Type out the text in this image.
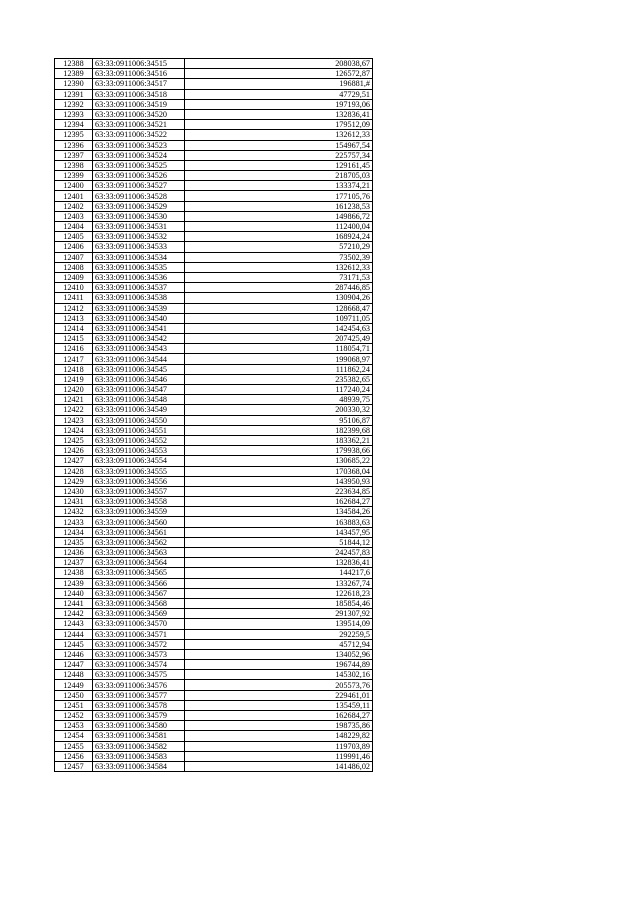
12388	63:33:0911006:34515	208038,67
12389	63:33:0911006:34516	126572,87
12390	63:33:0911006:34517	196881,#
12391	63:33:0911006:34518	47729,51
12392	63:33:0911006:34519	197193,06
12393	63:33:0911006:34520	132836,41
12394	63:33:0911006:34521	179512,09
12395	63:33:0911006:34522	132612,33
12396	63:33:0911006:34523	154967,54
12397	63:33:0911006:34524	225757,34
12398	63:33:0911006:34525	129161,45
12399	63:33:0911006:34526	218705,03
12400	63:33:0911006:34527	133374,21
12401	63:33:0911006:34528	177105,76
12402	63:33:0911006:34529	161238,53
12403	63:33:0911006:34530	149866,72
12404	63:33:0911006:34531	112400,04
12405	63:33:0911006:34532	168924,24
12406	63:33:0911006:34533	57210,29
12407	63:33:0911006:34534	73502,39
12408	63:33:0911006:34535	132612,33
12409	63:33:0911006:34536	73171,53
12410	63:33:0911006:34537	287446,85
12411	63:33:0911006:34538	130904,26
12412	63:33:0911006:34539	128668,47
12413	63:33:0911006:34540	109711,05
12414	63:33:0911006:34541	142454,63
12415	63:33:0911006:34542	207425,49
12416	63:33:0911006:34543	118054,71
12417	63:33:0911006:34544	199068,97
12418	63:33:0911006:34545	111862,24
12419	63:33:0911006:34546	235382,65
12420	63:33:0911006:34547	117240,24
12421	63:33:0911006:34548	48939,75
12422	63:33:0911006:34549	200330,32
12423	63:33:0911006:34550	95106,87
12424	63:33:0911006:34551	182399,68
12425	63:33:0911006:34552	183362,21
12426	63:33:0911006:34553	179938,66
12427	63:33:0911006:34554	130685,22
12428	63:33:0911006:34555	170368,04
12429	63:33:0911006:34556	143950,93
12430	63:33:0911006:34557	223634,85
12431	63:33:0911006:34558	162684,27
12432	63:33:0911006:34559	134584,26
12433	63:33:0911006:34560	163883,63
12434	63:33:0911006:34561	143457,95
12435	63:33:0911006:34562	51844,12
12436	63:33:0911006:34563	242457,83
12437	63:33:0911006:34564	132836,41
12438	63:33:0911006:34565	144217,6
12439	63:33:0911006:34566	133267,74
12440	63:33:0911006:34567	122618,23
12441	63:33:0911006:34568	185854,46
12442	63:33:0911006:34569	291307,92
12443	63:33:0911006:34570	139514,09
12444	63:33:0911006:34571	292259,5
12445	63:33:0911006:34572	45712,94
12446	63:33:0911006:34573	134052,96
12447	63:33:0911006:34574	196744,89
12448	63:33:0911006:34575	145302,16
12449	63:33:0911006:34576	205573,76
12450	63:33:0911006:34577	229461,01
12451	63:33:0911006:34578	135459,11
12452	63:33:0911006:34579	162684,27
12453	63:33:0911006:34580	198735,86
12454	63:33:0911006:34581	148229,82
12455	63:33:0911006:34582	119703,89
12456	63:33:0911006:34583	119991,46
12457	63:33:0911006:34584	141486,02
